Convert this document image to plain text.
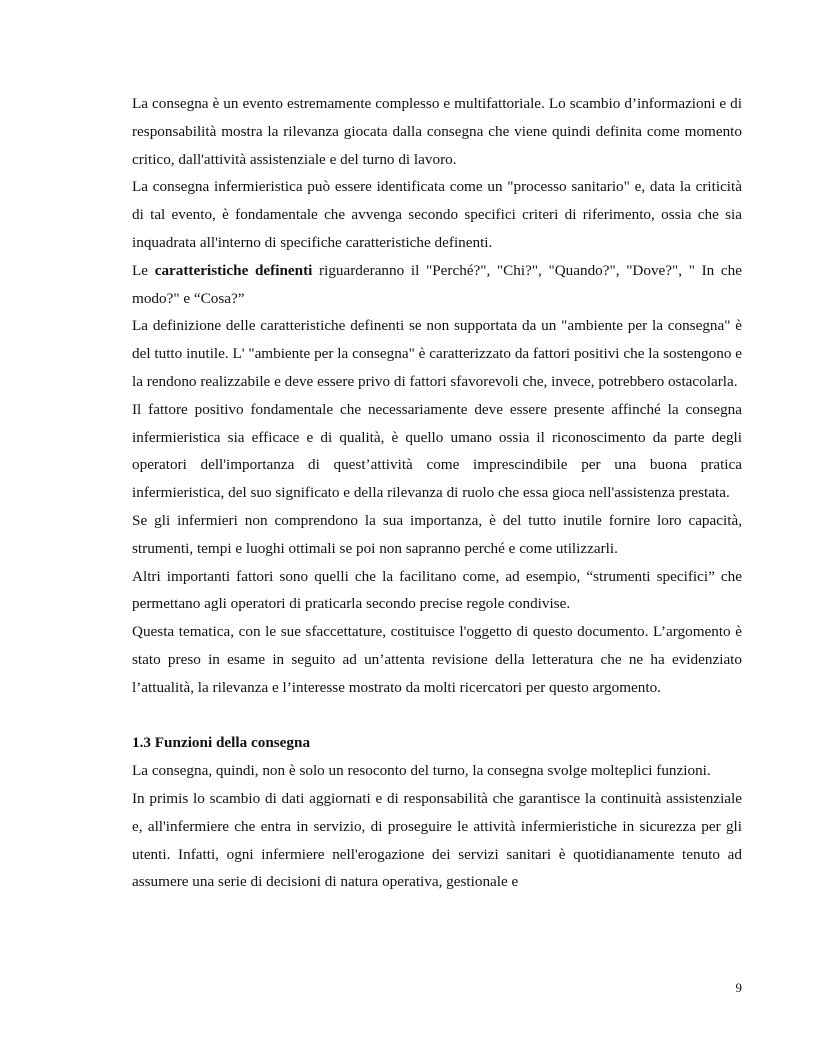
La consegna è un evento estremamente complesso e multifattoriale. Lo scambio d’informazioni e di responsabilità mostra la rilevanza giocata dalla consegna che viene quindi definita come momento critico, dall'attività assistenziale e del turno di lavoro.

La consegna infermieristica può essere identificata come un "processo sanitario" e, data la criticità di tal evento, è fondamentale che avvenga secondo specifici criteri di riferimento, ossia che sia inquadrata all'interno di specifiche caratteristiche definenti.

Le caratteristiche definenti riguarderanno il "Perché?", "Chi?", "Quando?", "Dove?", " In che modo?" e “Cosa?”

La definizione delle caratteristiche definenti se non supportata da un "ambiente per la consegna" è del tutto inutile. L' "ambiente per la consegna" è caratterizzato da fattori positivi che la sostengono e la rendono realizzabile e deve essere privo di fattori sfavorevoli che, invece, potrebbero ostacolarla.

Il fattore positivo fondamentale che necessariamente deve essere presente affinché la consegna infermieristica sia efficace e di qualità, è quello umano ossia il riconoscimento da parte degli operatori dell'importanza di quest’attività come imprescindibile per una buona pratica infermieristica, del suo significato e della rilevanza di ruolo che essa gioca nell'assistenza prestata.

Se gli infermieri non comprendono la sua importanza, è del tutto inutile fornire loro capacità, strumenti, tempi e luoghi ottimali se poi non sapranno perché e come utilizzarli.

Altri importanti fattori sono quelli che la facilitano come, ad esempio, “strumenti specifici” che permettano agli operatori di praticarla secondo precise regole condivise.

Questa tematica, con le sue sfaccettature, costituisce l'oggetto di questo documento. L’argomento è stato preso in esame in seguito ad un’attenta revisione della letteratura che ne ha evidenziato l’attualità, la rilevanza e l’interesse mostrato da molti ricercatori per questo argomento.

1.3 Funzioni della consegna

La consegna, quindi, non è solo un resoconto del turno, la consegna svolge molteplici funzioni.

In primis lo scambio di dati aggiornati e di responsabilità che garantisce la continuità assistenziale e, all'infermiere che entra in servizio, di proseguire le attività infermieristiche in sicurezza per gli utenti. Infatti, ogni infermiere nell'erogazione dei servizi sanitari è quotidianamente tenuto ad assumere una serie di decisioni di natura operativa, gestionale e

9
